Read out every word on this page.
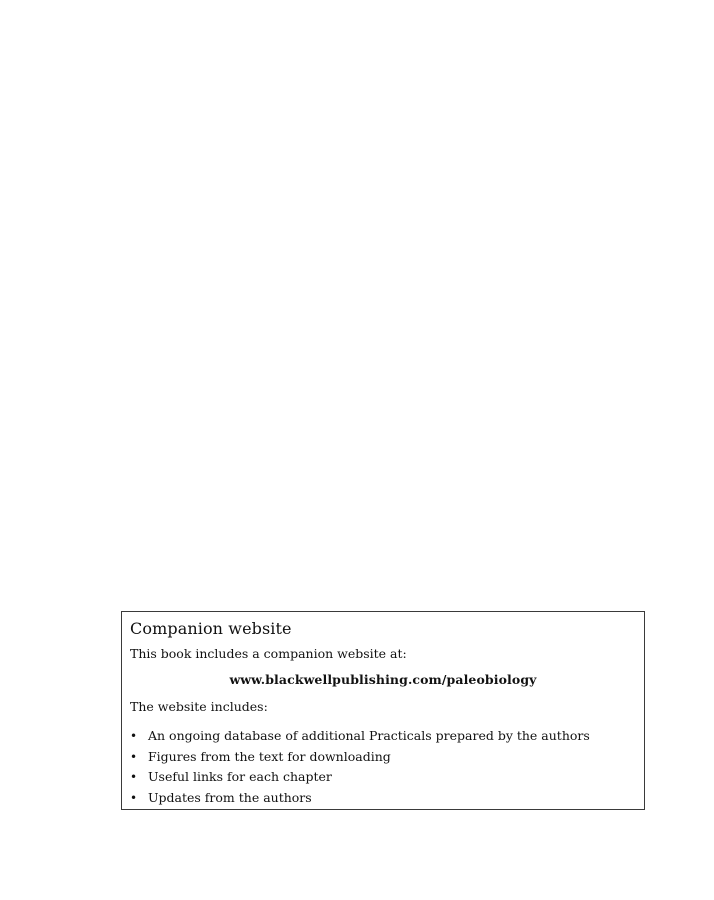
Companion website

This book includes a companion website at:

www.blackwellpublishing.com/paleobiology

The website includes:

• An ongoing database of additional Practicals prepared by the authors
• Figures from the text for downloading
• Useful links for each chapter
• Updates from the authors
